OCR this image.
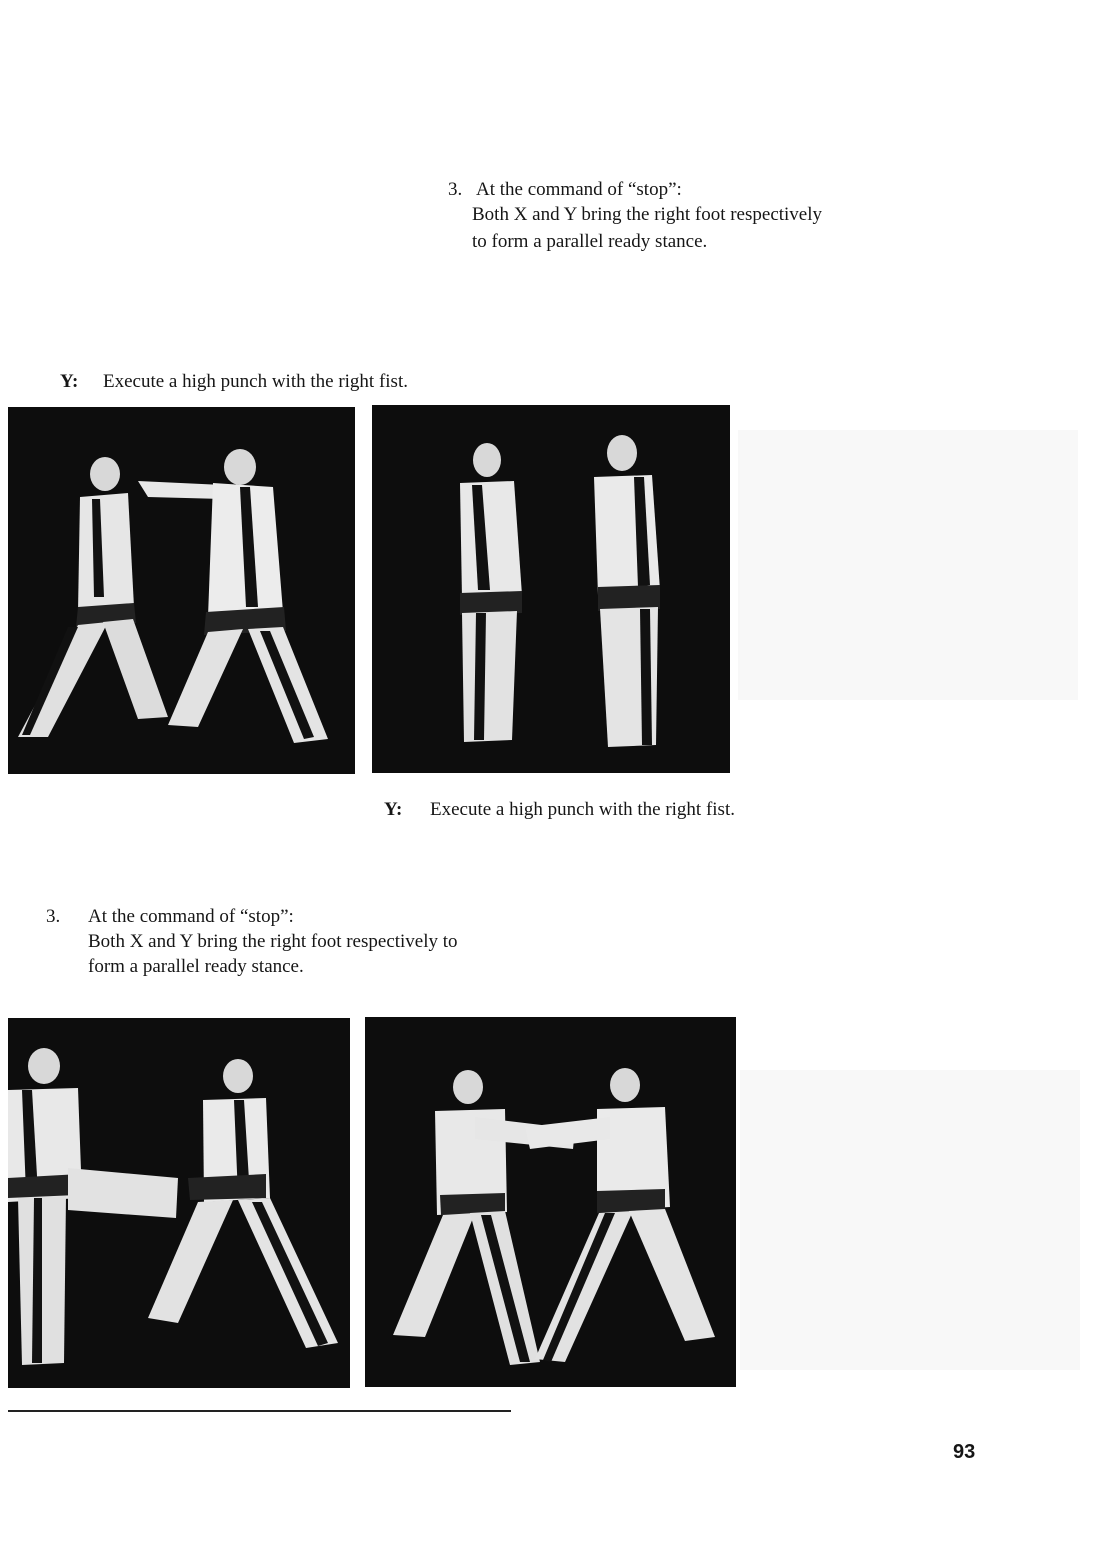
3. At the command of “stop”:
Both X and Y bring the right foot respectively
to form a parallel ready stance.
Y: Execute a high punch with the right fist.
Y: Execute a high punch with the right fist.
3. At the command of “stop”:
Both X and Y bring the right foot respectively to
form a parallel ready stance.
93
